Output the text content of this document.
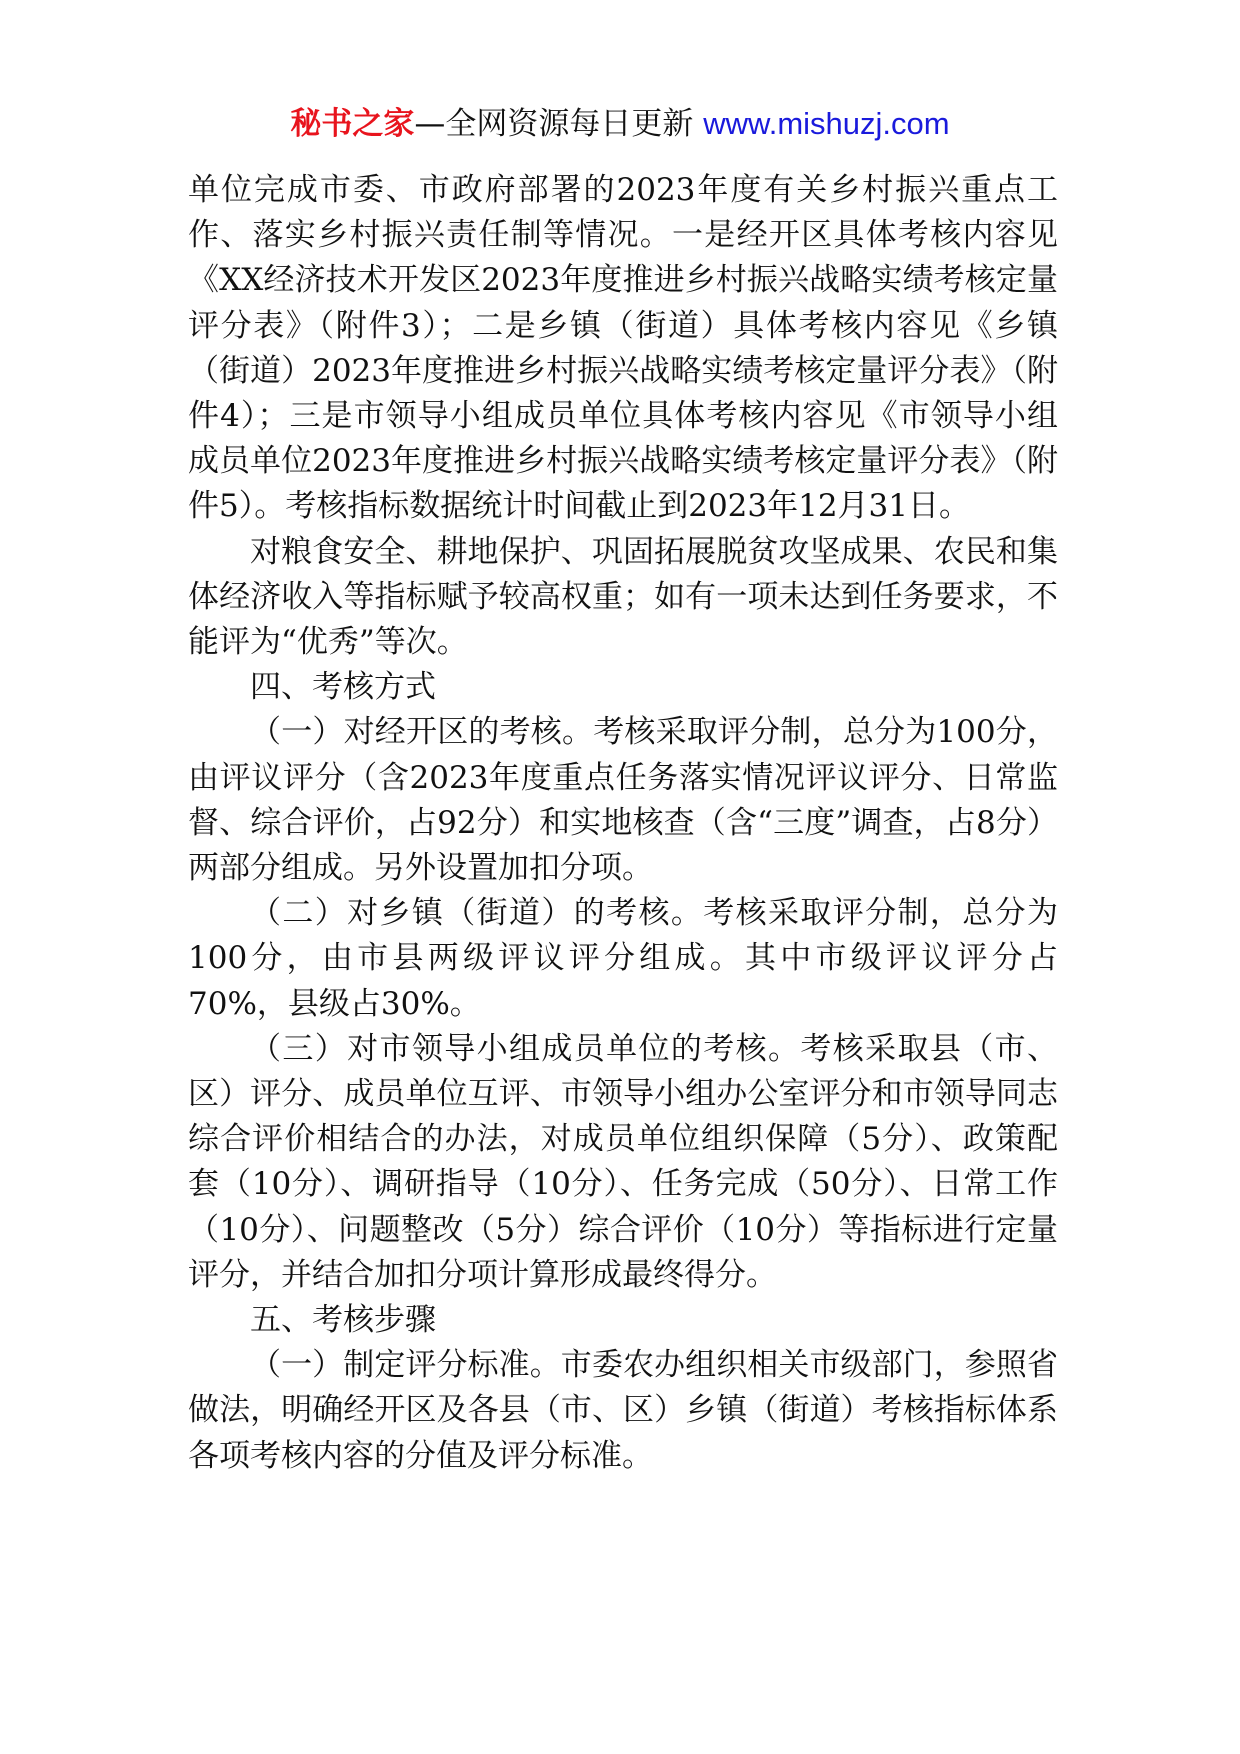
秘书之家—全网资源每日更新 www.mishuzj.com

单位完成市委、市政府部署的2023年度有关乡村振兴重点工作、落实乡村振兴责任制等情况。一是经开区具体考核内容见《XX经济技术开发区2023年度推进乡村振兴战略实绩考核定量评分表》（附件3）；二是乡镇（街道）具体考核内容见《乡镇（街道）2023年度推进乡村振兴战略实绩考核定量评分表》（附件4）；三是市领导小组成员单位具体考核内容见《市领导小组成员单位2023年度推进乡村振兴战略实绩考核定量评分表》（附件5）。考核指标数据统计时间截止到2023年12月31日。

对粮食安全、耕地保护、巩固拓展脱贫攻坚成果、农民和集体经济收入等指标赋予较高权重；如有一项未达到任务要求，不能评为“优秀”等次。

四、考核方式

（一）对经开区的考核。考核采取评分制，总分为100分，由评议评分（含2023年度重点任务落实情况评议评分、日常监督、综合评价，占92分）和实地核查（含“三度”调查，占8分）两部分组成。另外设置加扣分项。

（二）对乡镇（街道）的考核。考核采取评分制，总分为100分，由市县两级评议评分组成。其中市级评议评分占70%，县级占30%。

（三）对市领导小组成员单位的考核。考核采取县（市、区）评分、成员单位互评、市领导小组办公室评分和市领导同志综合评价相结合的办法，对成员单位组织保障（5分）、政策配套（10分）、调研指导（10分）、任务完成（50分）、日常工作（10分）、问题整改（5分）综合评价（10分）等指标进行定量评分，并结合加扣分项计算形成最终得分。

五、考核步骤

（一）制定评分标准。市委农办组织相关市级部门，参照省做法，明确经开区及各县（市、区）乡镇（街道）考核指标体系各项考核内容的分值及评分标准。
